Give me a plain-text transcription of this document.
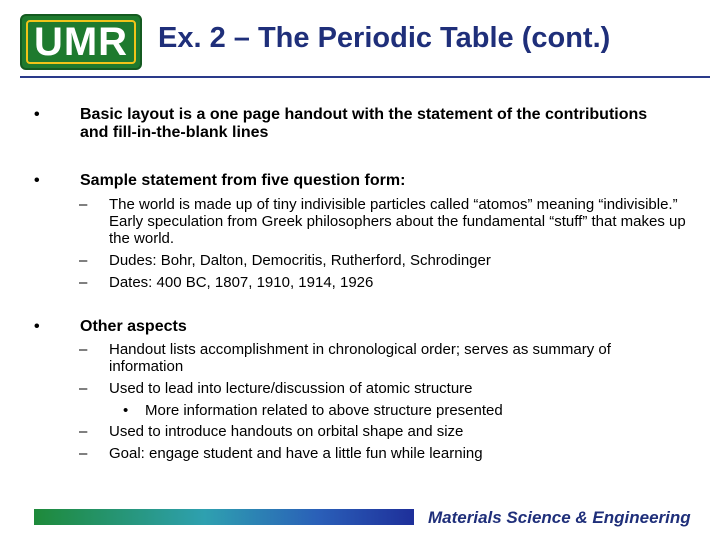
UMR	Ex. 2 – The Periodic Table (cont.)
•	Basic layout is a one page handout with the statement of the contributions and fill-in-the-blank lines
•	Sample statement from five question form:
– The world is made up of tiny indivisible particles called “atomos” meaning “indivisible.” Early speculation from Greek philosophers about the fundamental “stuff” that makes up the world.
– Dudes: Bohr, Dalton, Democritis, Rutherford, Schrodinger
– Dates: 400 BC, 1807, 1910, 1914, 1926
•	Other aspects
– Handout lists accomplishment in chronological order; serves as summary of information
– Used to lead into lecture/discussion of atomic structure
• More information related to above structure presented
– Used to introduce handouts on orbital shape and size
– Goal: engage student and have a little fun while learning
Materials Science & Engineering
